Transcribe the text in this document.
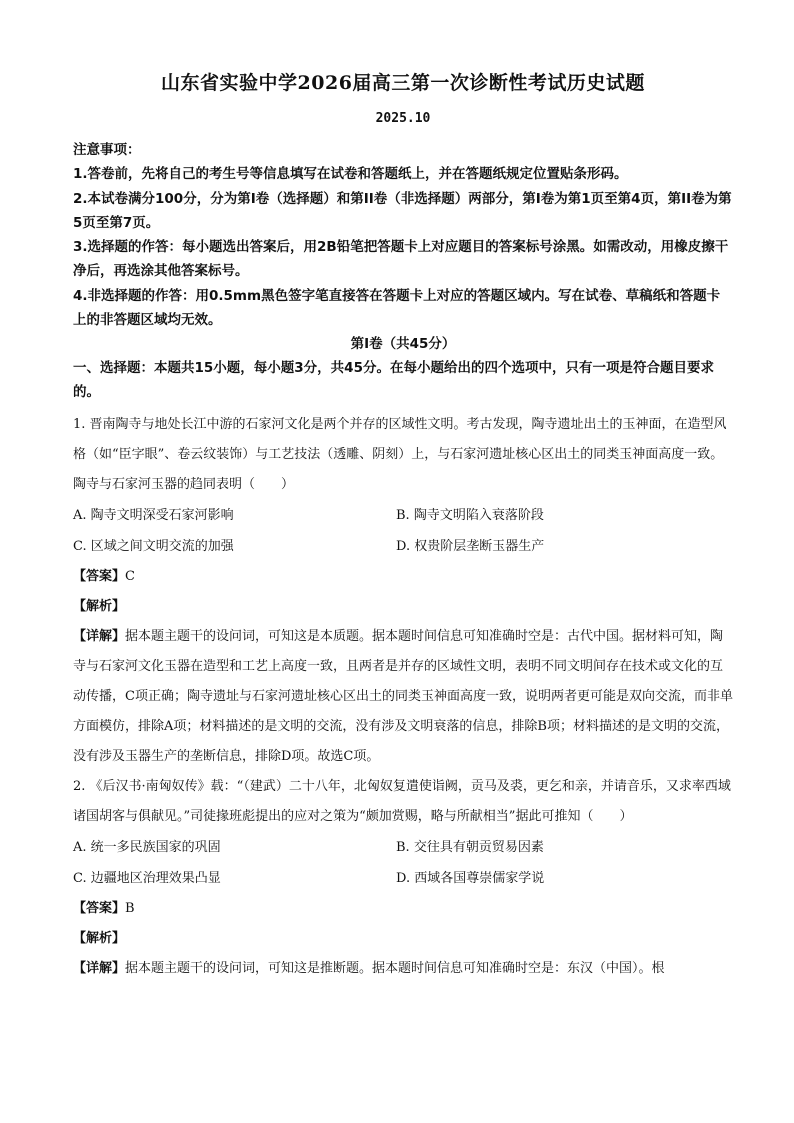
山东省实验中学2026届高三第一次诊断性考试历史试题
2025.10
注意事项：
1.答卷前，先将自己的考生号等信息填写在试卷和答题纸上，并在答题纸规定位置贴条形码。
2.本试卷满分100分，分为第I卷（选择题）和第II卷（非选择题）两部分，第I卷为第1页至第4页，第II卷为第5页至第7页。
3.选择题的作答：每小题选出答案后，用2B铅笔把答题卡上对应题目的答案标号涂黑。如需改动，用橡皮擦干净后，再选涂其他答案标号。
4.非选择题的作答：用0.5mm黑色签字笔直接答在答题卡上对应的答题区域内。写在试卷、草稿纸和答题卡上的非答题区域均无效。
第I卷（共45分）
一、选择题：本题共15小题，每小题3分，共45分。在每小题给出的四个选项中，只有一项是符合题目要求的。
1. 晋南陶寺与地处长江中游的石家河文化是两个并存的区域性文明。考古发现，陶寺遗址出土的玉神面，在造型风格（如“臣字眼”、卷云纹装饰）与工艺技法（透雕、阴刻）上，与石家河遗址核心区出土的同类玉神面高度一致。陶寺与石家河玉器的趋同表明（　　）
A. 陶寺文明深受石家河影响	B. 陶寺文明陷入衰落阶段
C. 区域之间文明交流的加强	D. 权贵阶层垄断玉器生产
【答案】C
【解析】
【详解】据本题主题干的设问词，可知这是本质题。据本题时间信息可知准确时空是：古代中国。据材料可知，陶寺与石家河文化玉器在造型和工艺上高度一致，且两者是并存的区域性文明，表明不同文明间存在技术或文化的互动传播，C项正确；陶寺遗址与石家河遗址核心区出土的同类玉神面高度一致，说明两者更可能是双向交流，而非单方面模仿，排除A项；材料描述的是文明的交流，没有涉及文明衰落的信息，排除B项；材料描述的是文明的交流，没有涉及玉器生产的垄断信息，排除D项。故选C项。
2. 《后汉书·南匈奴传》载：“（建武）二十八年，北匈奴复遣使诣阙，贡马及裘，更乞和亲，并请音乐，又求率西域诸国胡客与俱献见。”司徒掾班彪提出的应对之策为“颇加赏赐，略与所献相当”据此可推知（　　）
A. 统一多民族国家的巩固	B. 交往具有朝贡贸易因素
C. 边疆地区治理效果凸显	D. 西域各国尊崇儒家学说
【答案】B
【解析】
【详解】据本题主题干的设问词，可知这是推断题。据本题时间信息可知准确时空是：东汉（中国）。根
